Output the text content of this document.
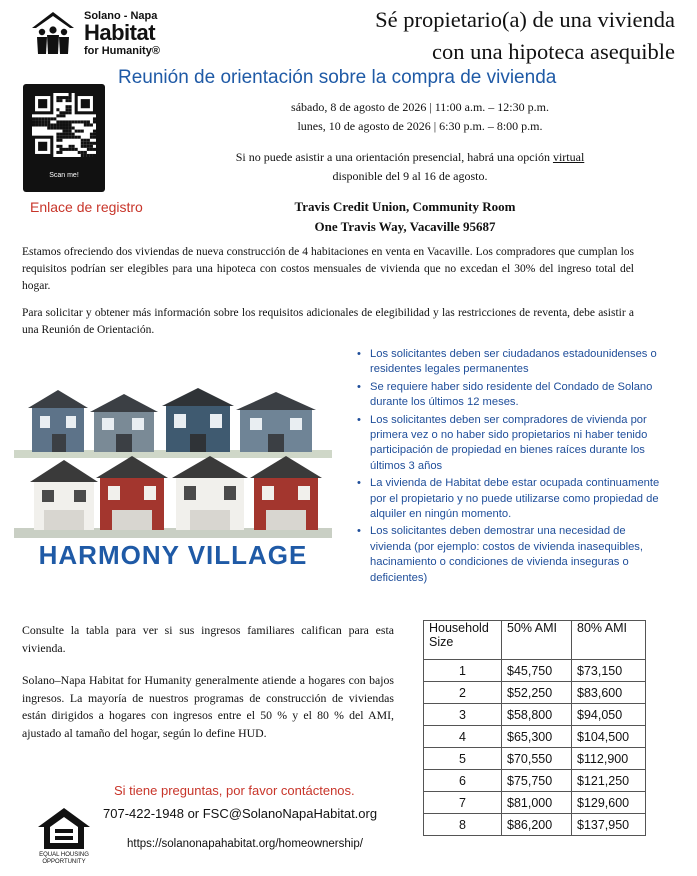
Solano - Napa
Habitat
for Humanity®
Sé propietario(a) de una vivienda
con una hipoteca asequible
Reunión de orientación sobre la compra de vivienda
Scan me!
Enlace de registro
sábado, 8 de agosto de 2026 | 11:00 a.m. – 12:30 p.m.
lunes, 10 de agosto de 2026 | 6:30 p.m. – 8:00 p.m.
Si no puede asistir a una orientación presencial, habrá una opción virtual
disponible del 9 al 16 de agosto.
Travis Credit Union, Community Room
One Travis Way, Vacaville 95687
Estamos ofreciendo dos viviendas de nueva construcción de 4 habitaciones en venta en Vacaville. Los compradores que cumplan los requisitos podrían ser elegibles para una hipoteca con costos mensuales de vivienda que no excedan el 30% del ingreso total del hogar.
Para solicitar y obtener más información sobre los requisitos adicionales de elegibilidad y las restricciones de reventa, debe asistir a una Reunión de Orientación.
• Los solicitantes deben ser ciudadanos estadounidenses o residentes legales permanentes
• Se requiere haber sido residente del Condado de Solano durante los últimos 12 meses.
• Los solicitantes deben ser compradores de vivienda por primera vez o no haber sido propietarios ni haber tenido participación de propiedad en bienes raíces durante los últimos 3 años
• La vivienda de Habitat debe estar ocupada continuamente por el propietario y no puede utilizarse como propiedad de alquiler en ningún momento.
• Los solicitantes deben demostrar una necesidad de vivienda (por ejemplo: costos de vivienda inasequibles, hacinamiento o condiciones de vivienda inseguras o deficientes)
HARMONY VILLAGE
Consulte la tabla para ver si sus ingresos familiares califican para esta vivienda.
Solano–Napa Habitat for Humanity generalmente atiende a hogares con bajos ingresos. La mayoría de nuestros programas de construcción de viviendas están dirigidos a hogares con ingresos entre el 50 % y el 80 % del AMI, ajustado al tamaño del hogar, según lo define HUD.
Household Size	50% AMI	80% AMI
1	$45,750	$73,150
2	$52,250	$83,600
3	$58,800	$94,050
4	$65,300	$104,500
5	$70,550	$112,900
6	$75,750	$121,250
7	$81,000	$129,600
8	$86,200	$137,950
Si tiene preguntas, por favor contáctenos.
707-422-1948 or FSC@SolanoNapaHabitat.org
https://solanonapahabitat.org/homeownership/
EQUAL HOUSING
OPPORTUNITY
